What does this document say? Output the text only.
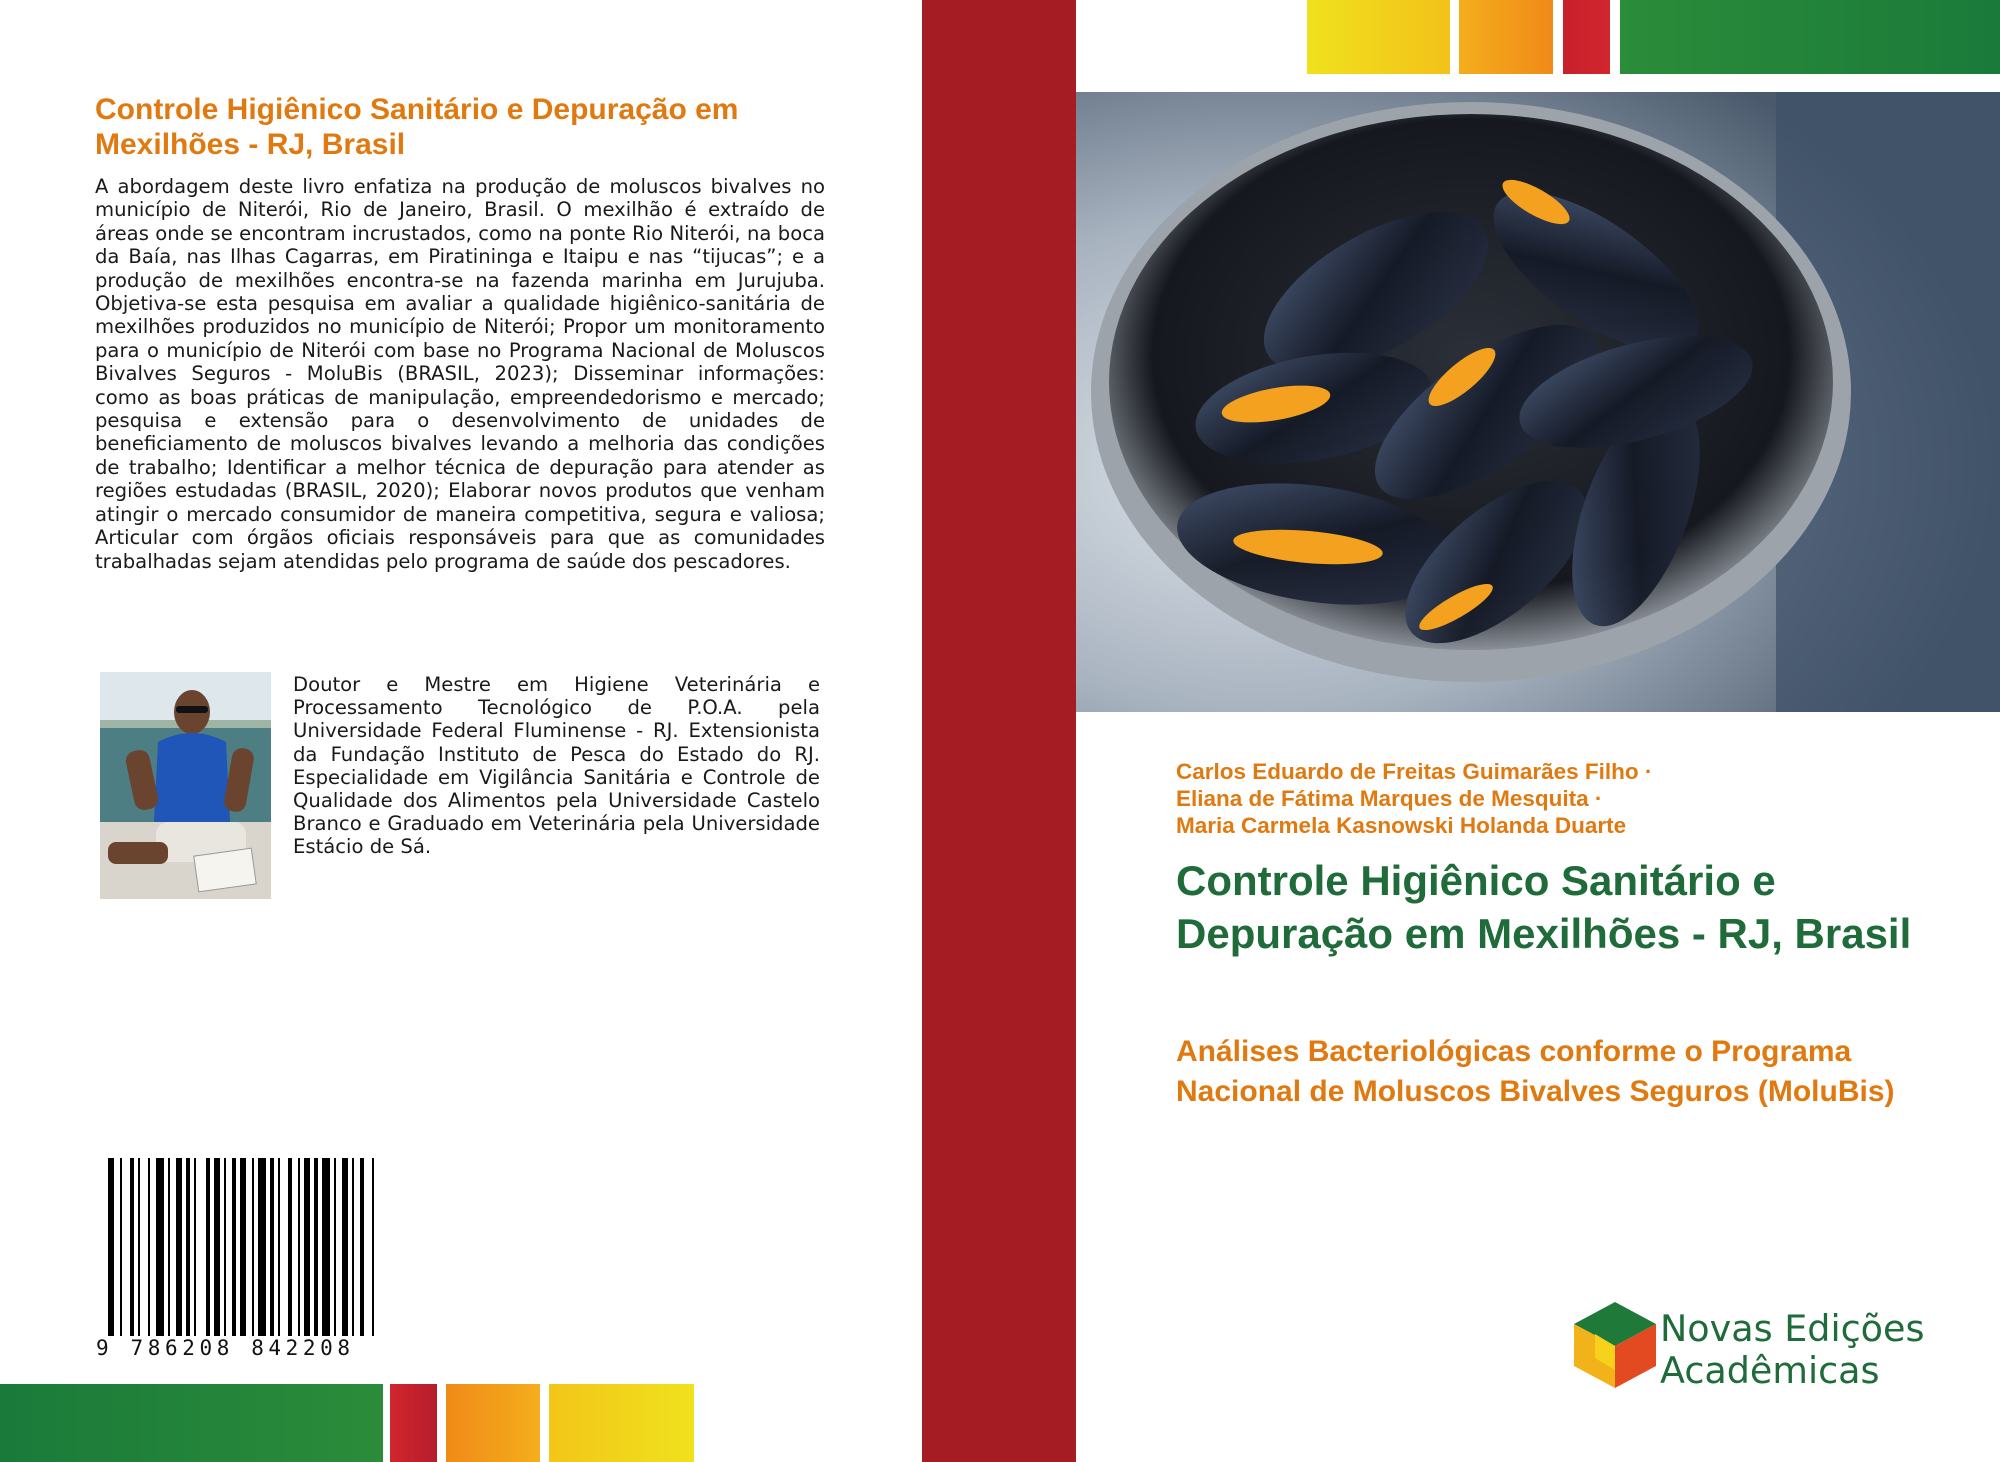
Controle Higiênico Sanitário e Depuração em Mexilhões - RJ, Brasil

A abordagem deste livro enfatiza na produção de moluscos bivalves no município de Niterói, Rio de Janeiro, Brasil. O mexilhão é extraído de áreas onde se encontram incrustados, como na ponte Rio Niterói, na boca da Baía, nas Ilhas Cagarras, em Piratininga e Itaipu e nas “tijucas”; e a produção de mexilhões encontra-se na fazenda marinha em Jurujuba. Objetiva-se esta pesquisa em avaliar a qualidade higiênico-sanitária de mexilhões produzidos no município de Niterói; Propor um monitoramento para o município de Niterói com base no Programa Nacional de Moluscos Bivalves Seguros - MoluBis (BRASIL, 2023); Disseminar informações: como as boas práticas de manipulação, empreendedorismo e mercado; pesquisa e extensão para o desenvolvimento de unidades de beneficiamento de moluscos bivalves levando a melhoria das condições de trabalho; Identificar a melhor técnica de depuração para atender as regiões estudadas (BRASIL, 2020); Elaborar novos produtos que venham atingir o mercado consumidor de maneira competitiva, segura e valiosa; Articular com órgãos oficiais responsáveis para que as comunidades trabalhadas sejam atendidas pelo programa de saúde dos pescadores.

Doutor e Mestre em Higiene Veterinária e Processamento Tecnológico de P.O.A. pela Universidade Federal Fluminense - RJ. Extensionista da Fundação Instituto de Pesca do Estado do RJ. Especialidade em Vigilância Sanitária e Controle de Qualidade dos Alimentos pela Universidade Castelo Branco e Graduado em Veterinária pela Universidade Estácio de Sá.

9 786208 842208
Carlos Eduardo de Freitas Guimarães Filho ·
Eliana de Fátima Marques de Mesquita ·
Maria Carmela Kasnowski Holanda Duarte
Controle Higiênico Sanitário e Depuração em Mexilhões - RJ, Brasil
Análises Bacteriológicas conforme o Programa Nacional de Moluscos Bivalves Seguros (MoluBis)
Novas Edições
Acadêmicas
